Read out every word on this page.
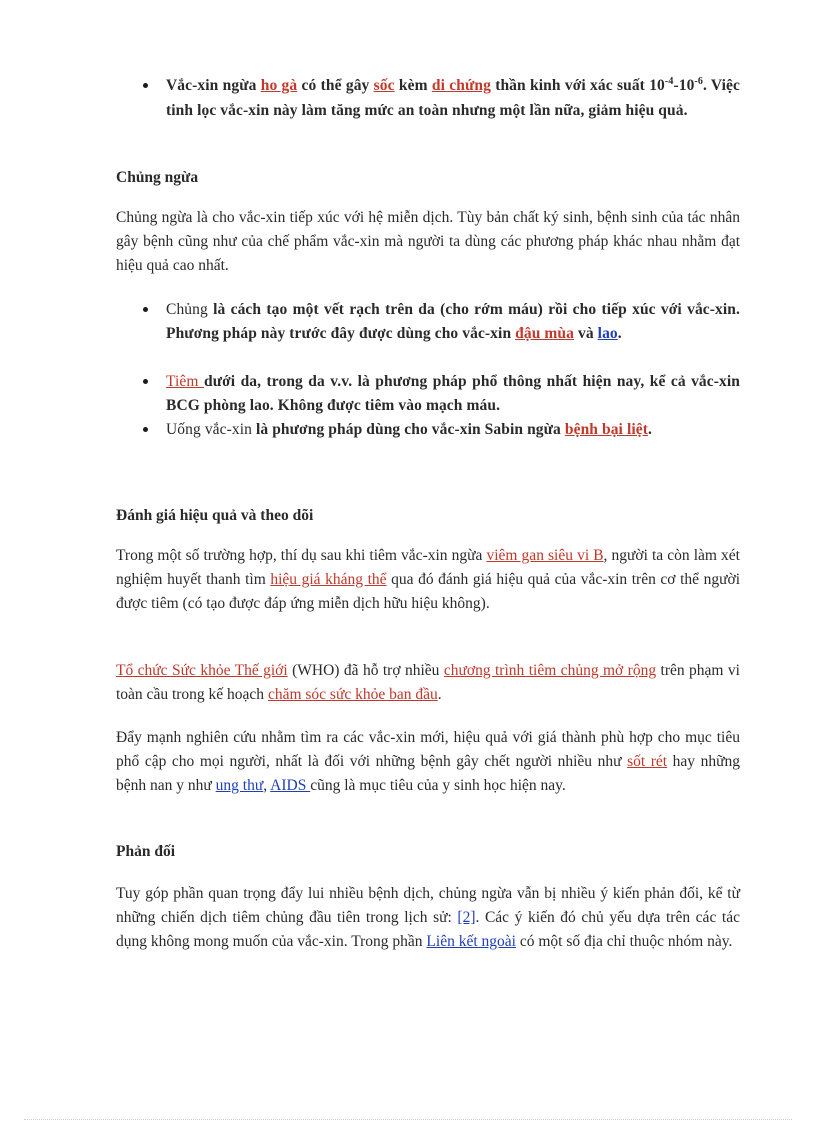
Vắc-xin ngừa ho gà có thể gây sốc kèm di chứng thần kinh với xác suất $10^{-4}-10^{-6}$. Việc tinh lọc vắc-xin này làm tăng mức an toàn nhưng một lần nữa, giảm hiệu quả.
Chủng ngừa

Chủng ngừa là cho vắc-xin tiếp xúc với hệ miễn dịch. Tùy bản chất ký sinh, bệnh sinh của tác nhân gây bệnh cũng như của chế phẩm vắc-xin mà người ta dùng các phương pháp khác nhau nhằm đạt hiệu quả cao nhất.

Chủng là cách tạo một vết rạch trên da (cho rớm máu) rồi cho tiếp xúc với vắc-xin. Phương pháp này trước đây được dùng cho vắc-xin đậu mùa và lao.
Tiêm dưới da, trong da v.v. là phương pháp phổ thông nhất hiện nay, kể cả vắc-xin BCG phòng lao. Không được tiêm vào mạch máu.
Uống vắc-xin là phương pháp dùng cho vắc-xin Sabin ngừa bệnh bại liệt.
Đánh giá hiệu quả và theo dõi

Trong một số trường hợp, thí dụ sau khi tiêm vắc-xin ngừa viêm gan siêu vi B, người ta còn làm xét nghiệm huyết thanh tìm hiệu giá kháng thể qua đó đánh giá hiệu quả của vắc-xin trên cơ thể người được tiêm (có tạo được đáp ứng miễn dịch hữu hiệu không).

Tổ chức Sức khỏe Thế giới (WHO) đã hỗ trợ nhiều chương trình tiêm chủng mở rộng trên phạm vi toàn cầu trong kế hoạch chăm sóc sức khỏe ban đầu.

Đẩy mạnh nghiên cứu nhằm tìm ra các vắc-xin mới, hiệu quả với giá thành phù hợp cho mục tiêu phổ cập cho mọi người, nhất là đối với những bệnh gây chết người nhiều như sốt rét hay những bệnh nan y như ung thư, AIDS cũng là mục tiêu của y sinh học hiện nay.

Phản đối

Tuy góp phần quan trọng đẩy lui nhiều bệnh dịch, chủng ngừa vẫn bị nhiều ý kiến phản đối, kể từ những chiến dịch tiêm chủng đầu tiên trong lịch sử: [2]. Các ý kiến đó chủ yếu dựa trên các tác dụng không mong muốn của vắc-xin. Trong phần Liên kết ngoài có một số địa chỉ thuộc nhóm này.
